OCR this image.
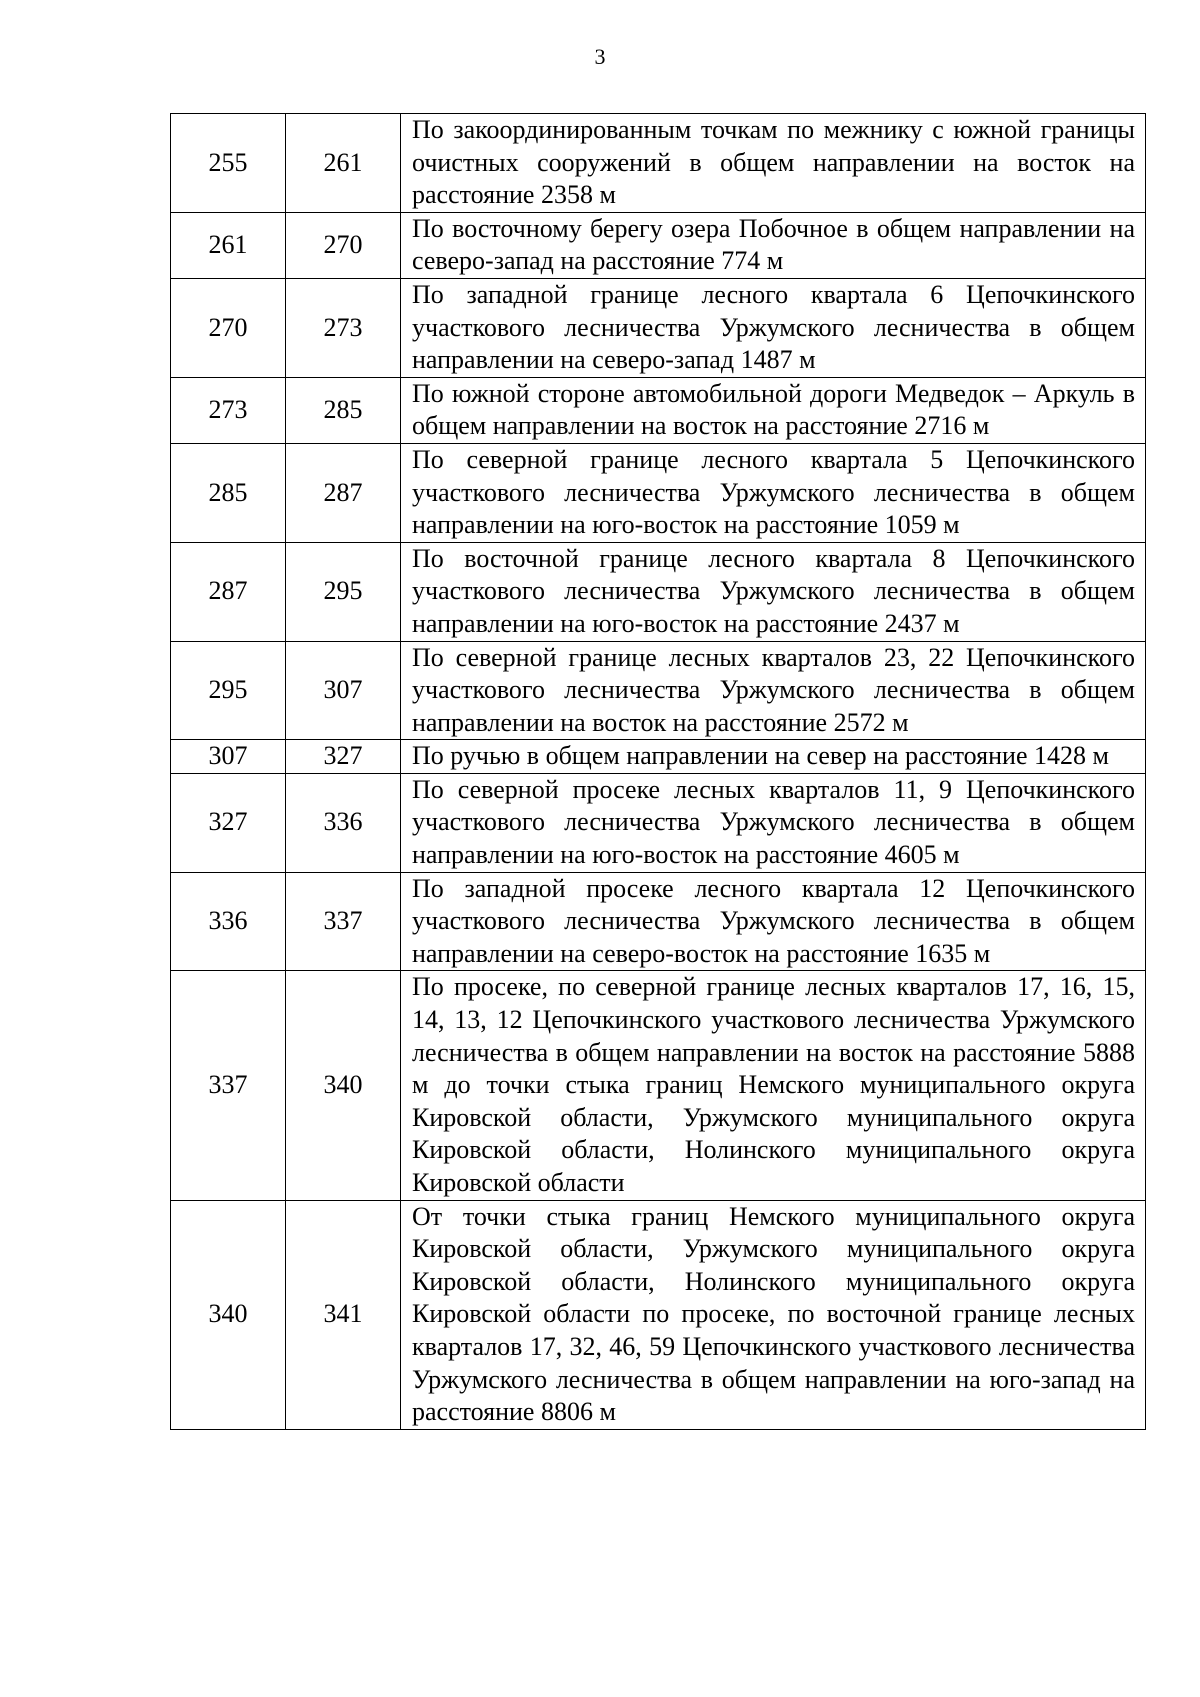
3
255	261	По закоординированным точкам по межнику с южной границы очистных сооружений в общем направлении на восток на расстояние 2358 м
261	270	По восточному берегу озера Побочное в общем направлении на северо-запад на расстояние 774 м
270	273	По западной границе лесного квартала 6 Цепочкинского участкового лесничества Уржумского лесничества в общем направлении на северо-запад 1487 м
273	285	По южной стороне автомобильной дороги Медведок – Аркуль в общем направлении на восток на расстояние 2716 м
285	287	По северной границе лесного квартала 5 Цепочкинского участкового лесничества Уржумского лесничества в общем направлении на юго-восток на расстояние 1059 м
287	295	По восточной границе лесного квартала 8 Цепочкинского участкового лесничества Уржумского лесничества в общем направлении на юго-восток на расстояние 2437 м
295	307	По северной границе лесных кварталов 23, 22 Цепочкинского участкового лесничества Уржумского лесничества в общем направлении на восток на расстояние 2572 м
307	327	По ручью в общем направлении на север на расстояние 1428 м
327	336	По северной просеке лесных кварталов 11, 9 Цепочкинского участкового лесничества Уржумского лесничества в общем направлении на юго-восток на расстояние 4605 м
336	337	По западной просеке лесного квартала 12 Цепочкинского участкового лесничества Уржумского лесничества в общем направлении на северо-восток на расстояние 1635 м
337	340	По просеке, по северной границе лесных кварталов 17, 16, 15, 14, 13, 12 Цепочкинского участкового лесничества Уржумского лесничества в общем направлении на восток на расстояние 5888 м до точки стыка границ Немского муниципального округа Кировской области, Уржумского муниципального округа Кировской области, Нолинского муниципального округа Кировской области
340	341	От точки стыка границ Немского муниципального округа Кировской области, Уржумского муниципального округа Кировской области, Нолинского муниципального округа Кировской области по просеке, по восточной границе лесных кварталов 17, 32, 46, 59 Цепочкинского участкового лесничества Уржумского лесничества в общем направлении на юго-запад на расстояние 8806 м
